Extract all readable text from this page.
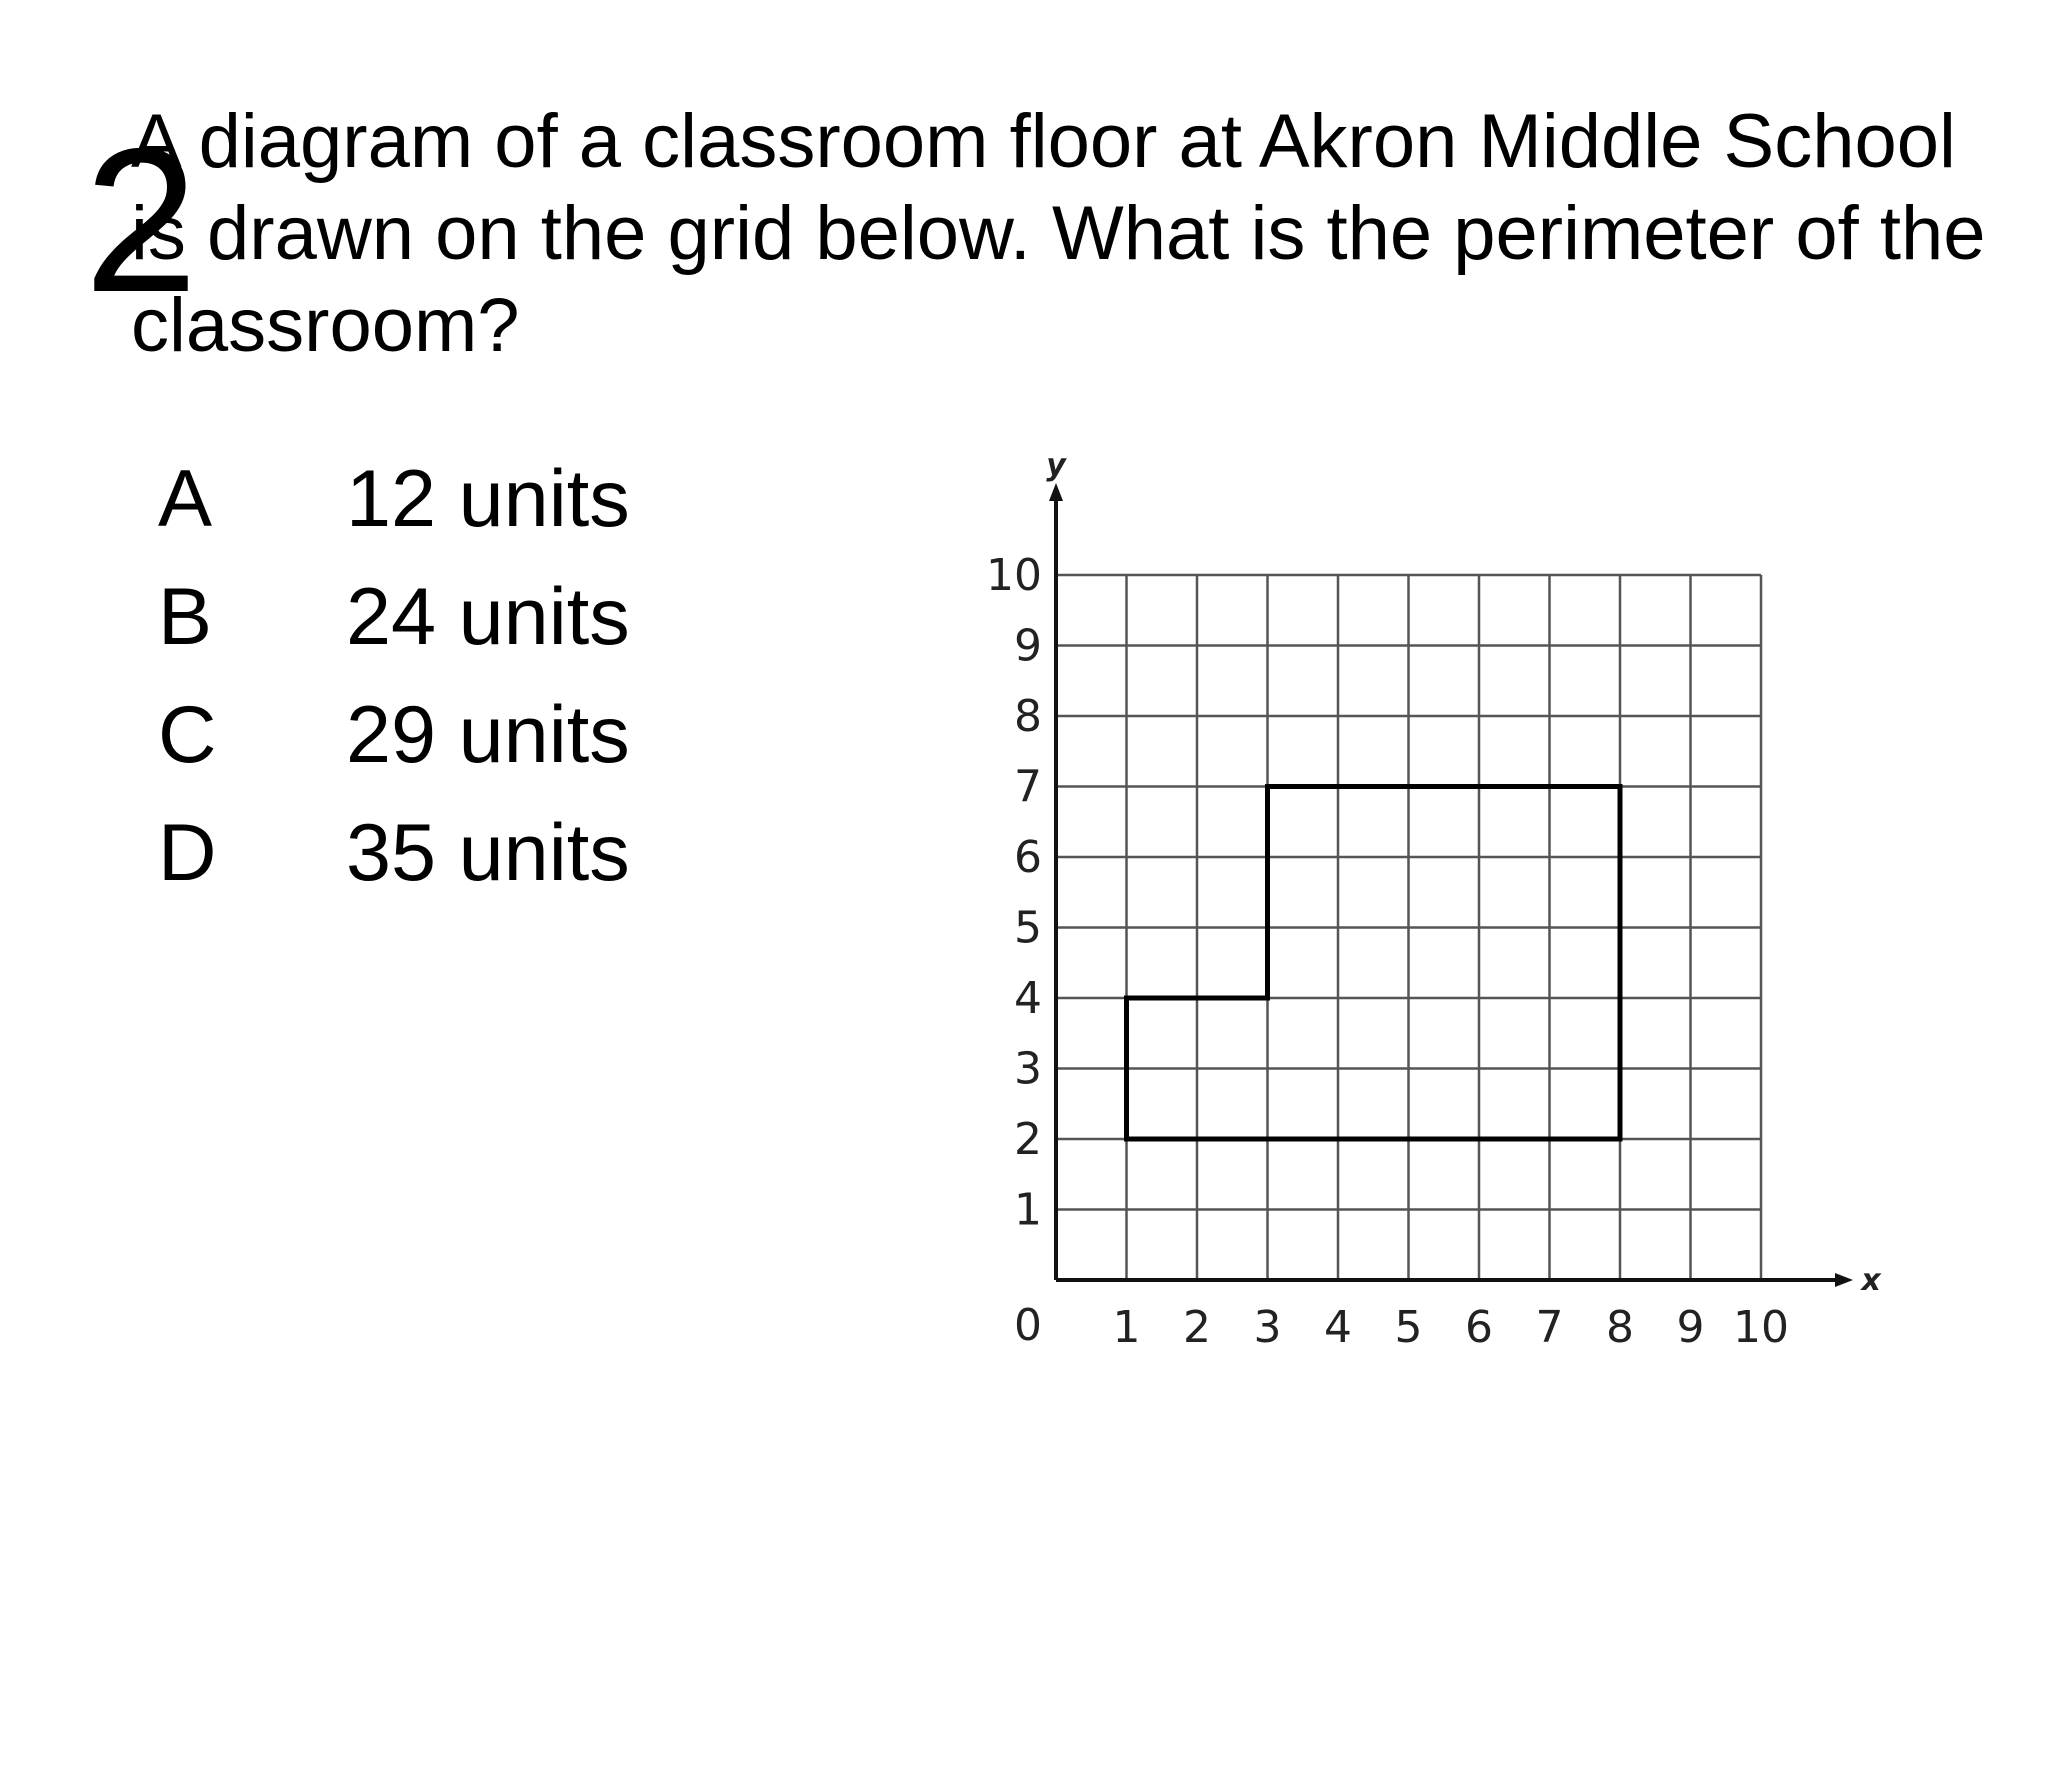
2
A diagram of a classroom floor at Akron Middle School is drawn on the grid below. What is the perimeter of the classroom?
A	12 units
B	24 units
C	29 units
D	35 units
x
y
0 1 2 3 4 5 6 7 8 9 10
1
2
3
4
5
6
7
8
9
10
